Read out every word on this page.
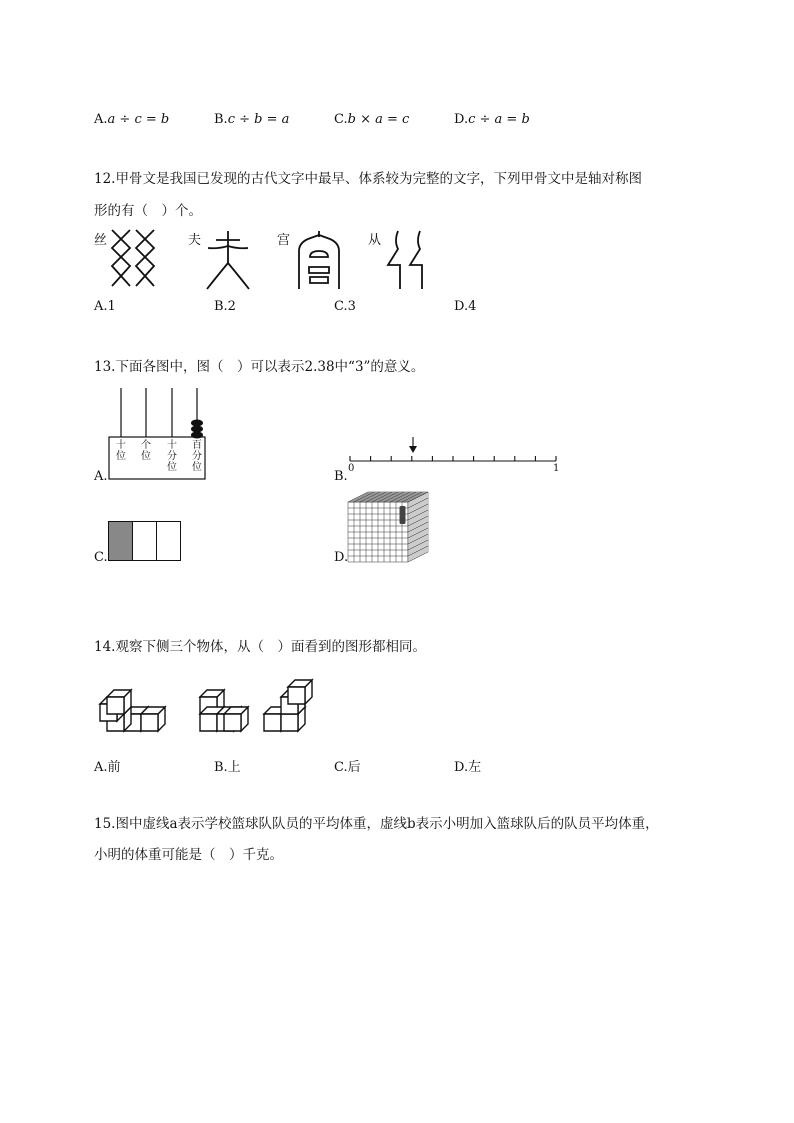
A.a ÷ c = b	B.c ÷ b = a	C.b × a = c	D.c ÷ a = b
12.甲骨文是我国已发现的古代文字中最早、体系较为完整的文字，下列甲骨文中是轴对称图
形的有（　）个。
丝	夫	宫	从
A.1	B.2	C.3	D.4
13.下面各图中，图（　）可以表示2.38中“3”的意义。
A.
十位
个位
十分位
百分位
B.
0	1
C.	D.
14.观察下侧三个物体，从（　）面看到的图形都相同。
A.前	B.上	C.后	D.左
15.图中虚线a表示学校篮球队队员的平均体重，虚线b表示小明加入篮球队后的队员平均体重，
小明的体重可能是（　）千克。
